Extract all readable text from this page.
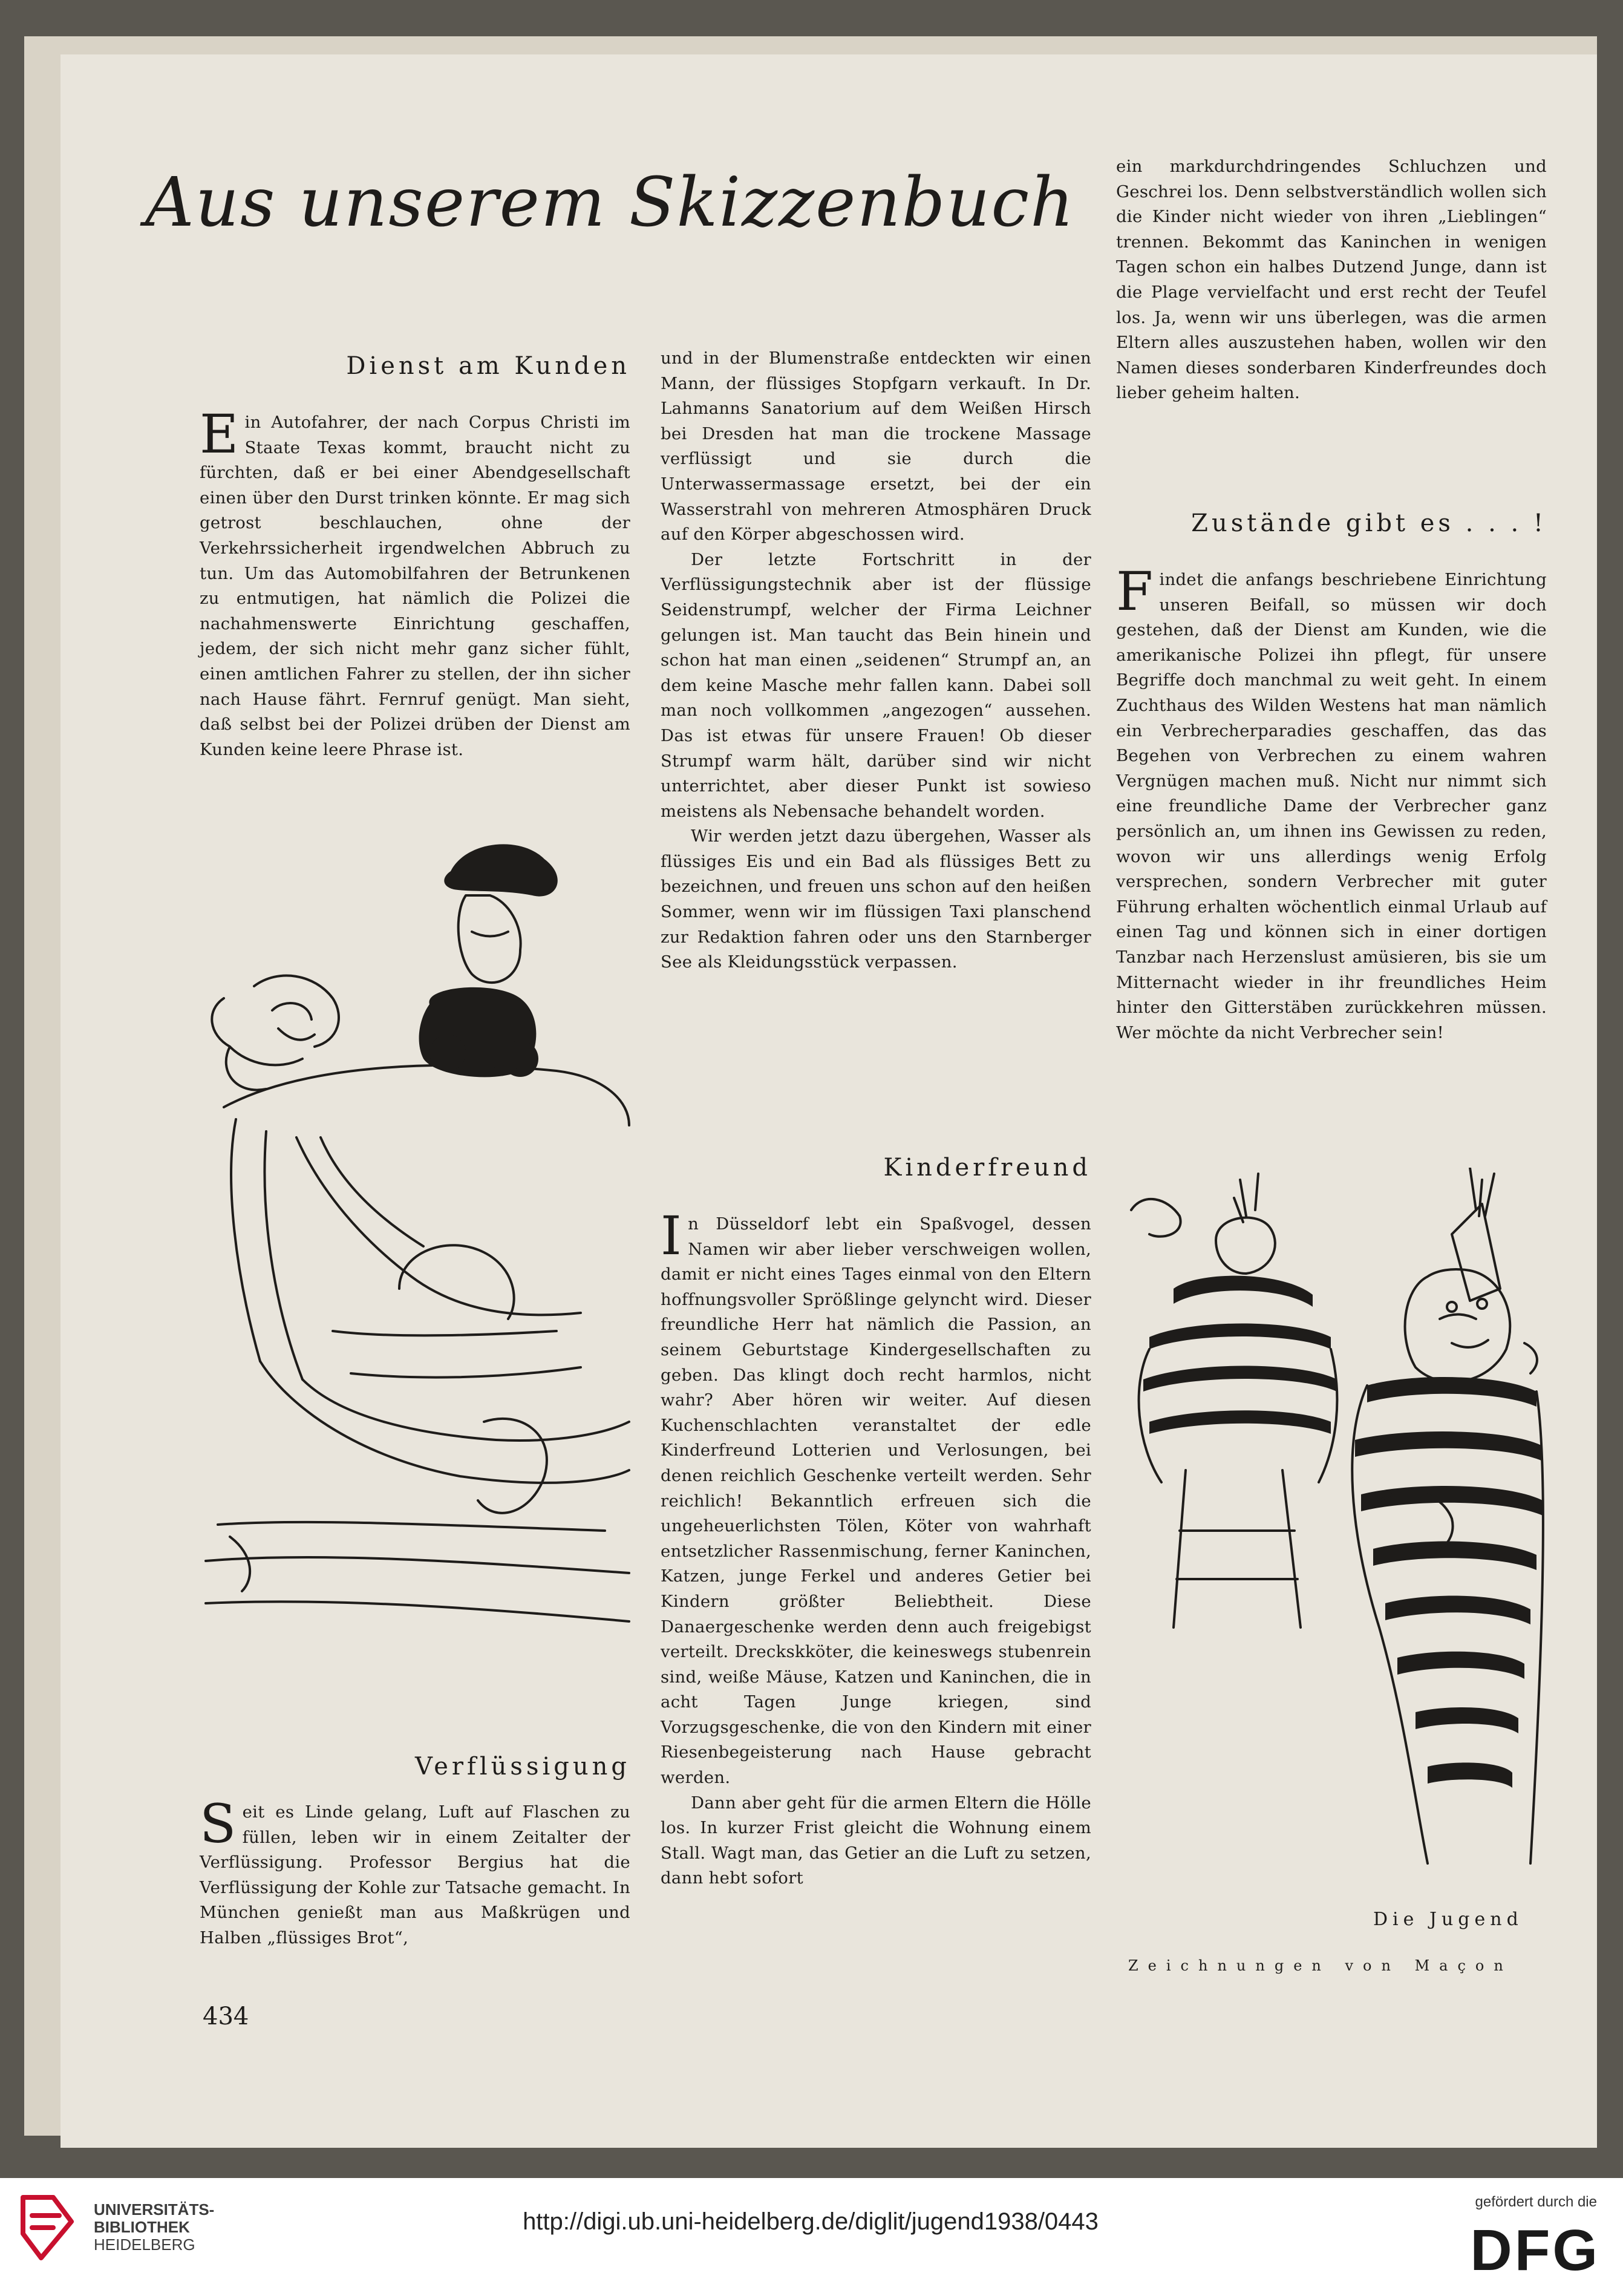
Aus unserem Skizzenbuch
Dienst am Kunden

Ein Autofahrer, der nach Corpus Christi im Staate Texas kommt, braucht nicht zu fürchten, daß er bei einer Abendgesellschaft einen über den Durst trinken könnte. Er mag sich getrost beschlauchen, ohne der Verkehrssicherheit irgendwelchen Abbruch zu tun. Um das Automobilfahren der Betrunkenen zu entmutigen, hat nämlich die Polizei die nachahmenswerte Einrichtung geschaffen, jedem, der sich nicht mehr ganz sicher fühlt, einen amtlichen Fahrer zu stellen, der ihn sicher nach Hause fährt. Fernruf genügt. Man sieht, daß selbst bei der Polizei drüben der Dienst am Kunden keine leere Phrase ist.

Verflüssigung

Seit es Linde gelang, Luft auf Flaschen zu füllen, leben wir in einem Zeitalter der Verflüssigung. Professor Bergius hat die Verflüssigung der Kohle zur Tatsache gemacht. In München genießt man aus Maßkrügen und Halben „flüssiges Brot“,

434

und in der Blumenstraße entdeckten wir einen Mann, der flüssiges Stopfgarn verkauft. In Dr. Lahmanns Sanatorium auf dem Weißen Hirsch bei Dresden hat man die trockene Massage verflüssigt und sie durch die Unterwassermassage ersetzt, bei der ein Wasserstrahl von mehreren Atmosphären Druck auf den Körper abgeschossen wird.

Der letzte Fortschritt in der Verflüssigungstechnik aber ist der flüssige Seidenstrumpf, welcher der Firma Leichner gelungen ist. Man taucht das Bein hinein und schon hat man einen „seidenen“ Strumpf an, an dem keine Masche mehr fallen kann. Dabei soll man noch vollkommen „angezogen“ aussehen. Das ist etwas für unsere Frauen! Ob dieser Strumpf warm hält, darüber sind wir nicht unterrichtet, aber dieser Punkt ist sowieso meistens als Nebensache behandelt worden.

Wir werden jetzt dazu übergehen, Wasser als flüssiges Eis und ein Bad als flüssiges Bett zu bezeichnen, und freuen uns schon auf den heißen Sommer, wenn wir im flüssigen Taxi planschend zur Redaktion fahren oder uns den Starnberger See als Kleidungsstück verpassen.

Kinderfreund

In Düsseldorf lebt ein Spaßvogel, dessen Namen wir aber lieber verschweigen wollen, damit er nicht eines Tages einmal von den Eltern hoffnungsvoller Sprößlinge gelyncht wird. Dieser freundliche Herr hat nämlich die Passion, an seinem Geburtstage Kindergesellschaften zu geben. Das klingt doch recht harmlos, nicht wahr? Aber hören wir weiter. Auf diesen Kuchenschlachten veranstaltet der edle Kinderfreund Lotterien und Verlosungen, bei denen reichlich Geschenke verteilt werden. Sehr reichlich! Bekanntlich erfreuen sich die ungeheuerlichsten Tölen, Köter von wahrhaft entsetzlicher Rassenmischung, ferner Kaninchen, Katzen, junge Ferkel und anderes Getier bei Kindern größter Beliebtheit. Diese Danaergeschenke werden denn auch freigebigst verteilt. Dreckskköter, die keineswegs stubenrein sind, weiße Mäuse, Katzen und Kaninchen, die in acht Tagen Junge kriegen, sind Vorzugsgeschenke, die von den Kindern mit einer Riesenbegeisterung nach Hause gebracht werden.

Dann aber geht für die armen Eltern die Hölle los. In kurzer Frist gleicht die Wohnung einem Stall. Wagt man, das Getier an die Luft zu setzen, dann hebt sofort

ein markdurchdringendes Schluchzen und Geschrei los. Denn selbstverständlich wollen sich die Kinder nicht wieder von ihren „Lieblingen“ trennen. Bekommt das Kaninchen in wenigen Tagen schon ein halbes Dutzend Junge, dann ist die Plage vervielfacht und erst recht der Teufel los. Ja, wenn wir uns überlegen, was die armen Eltern alles auszustehen haben, wollen wir den Namen dieses sonderbaren Kinderfreundes doch lieber geheim halten.

Zustände gibt es . . . !

Findet die anfangs beschriebene Einrichtung unseren Beifall, so müssen wir doch gestehen, daß der Dienst am Kunden, wie die amerikanische Polizei ihn pflegt, für unsere Begriffe doch manchmal zu weit geht. In einem Zuchthaus des Wilden Westens hat man nämlich ein Verbrecherparadies geschaffen, das das Begehen von Verbrechen zu einem wahren Vergnügen machen muß. Nicht nur nimmt sich eine freundliche Dame der Verbrecher ganz persönlich an, um ihnen ins Gewissen zu reden, wovon wir uns allerdings wenig Erfolg versprechen, sondern Verbrecher mit guter Führung erhalten wöchentlich einmal Urlaub auf einen Tag und können sich in einer dortigen Tanzbar nach Herzenslust amüsieren, bis sie um Mitternacht wieder in ihr freundliches Heim hinter den Gitterstäben zurückkehren müssen. Wer möchte da nicht Verbrecher sein!

Die Jugend
Zeichnungen von Maçon
UNIVERSITÄTS-
BIBLIOTHEK
HEIDELBERG
http://digi.ub.uni-heidelberg.de/diglit/jugend1938/0443
gefördert durch die
DFG
